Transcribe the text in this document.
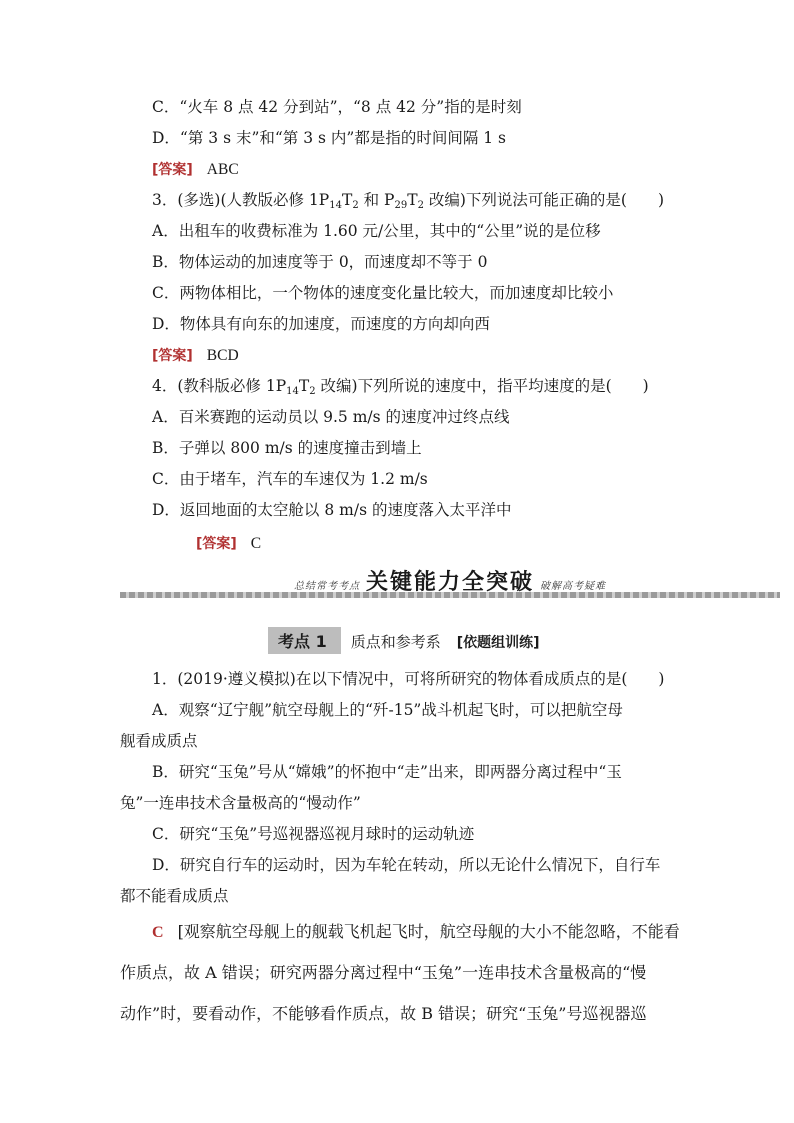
C．“火车 8 点 42 分到站”，“8 点 42 分”指的是时刻
D．“第 3 s 末”和“第 3 s 内”都是指的时间间隔 1 s
[答案] ABC
3．(多选)(人教版必修 $1P_{14}T_2$ 和 $P_{29}T_2$ 改编)下列说法可能正确的是(　　)
A．出租车的收费标准为 1.60 元/公里，其中的“公里”说的是位移
B．物体运动的加速度等于 0，而速度却不等于 0
C．两物体相比，一个物体的速度变化量比较大，而加速度却比较小
D．物体具有向东的加速度，而速度的方向却向西
[答案] BCD
4．(教科版必修 $1P_{14}T_2$ 改编)下列所说的速度中，指平均速度的是(　　)
A．百米赛跑的运动员以 9.5 m/s 的速度冲过终点线
B．子弹以 800 m/s 的速度撞击到墙上
C．由于堵车，汽车的车速仅为 1.2 m/s
D．返回地面的太空舱以 8 m/s 的速度落入太平洋中
[答案] C
总结常考考点 关键能力全突破 破解高考疑难
考点 1 质点和参考系 [依题组训练]
1．(2019·遵义模拟)在以下情况中，可将所研究的物体看成质点的是(　　)
A．观察“辽宁舰”航空母舰上的“歼-15”战斗机起飞时，可以把航空母
舰看成质点
B．研究“玉兔”号从“嫦娥”的怀抱中“走”出来，即两器分离过程中“玉
兔”一连串技术含量极高的“慢动作”
C．研究“玉兔”号巡视器巡视月球时的运动轨迹
D．研究自行车的运动时，因为车轮在转动，所以无论什么情况下，自行车
都不能看成质点
C [观察航空母舰上的舰载飞机起飞时，航空母舰的大小不能忽略，不能看
作质点，故 A 错误；研究两器分离过程中“玉兔”一连串技术含量极高的“慢
动作”时，要看动作，不能够看作质点，故 B 错误；研究“玉兔”号巡视器巡
